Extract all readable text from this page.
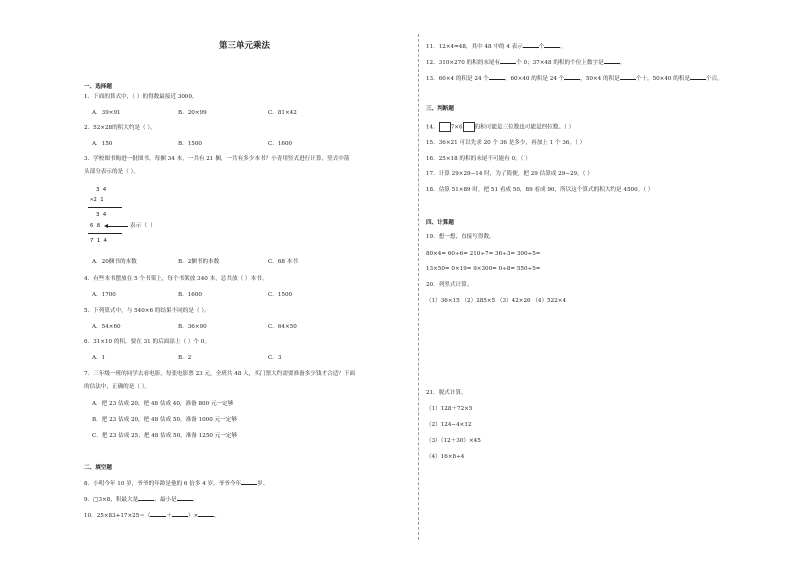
第三单元乘法
一、选择题
1．下面的算式中，（ ）的得数最接近 3000。
A．39×91	B．20×99	C．81×42
2．52×28的积大约是（ ）。
A．150	B．1500	C．1600
3．学校图书购进一批图书，每捆 34 本，一共有 21 捆，一共有多少本书？小青用竖式进行计算，竖式中箭
头部分表示的是（ ）。
3 4
×2 1
3 4
6 8
7 1 4
表示（ ）
A．20捆书的本数	B．2捆书的本数	C．68 本书
4．有些本书摆放在 5 个书架上，每个书架放 340 本，总共放（ ）本书。
A．1700	B．1600	C．1500
5．下列算式中，与 540×6 的结果不同的是（ ）。
A．54×60	B．36×90	C．64×50
6．31×10 的积，要在 31 的后面添上（ ）个 0。
A．1	B．2	C．3
7．三年级一班的同学去看电影，每张电影票 23 元，全班共 48 人，买门票大约需要准备多少钱才合适？下面
的估法中，正确的是（ ）。
A．把 23 估成 20，把 48 估成 40，准备 800 元一定够
B．把 23 估成 20，把 48 估成 50，准备 1000 元一定够
C．把 23 估成 25，把 48 估成 50，准备 1250 元一定够
二、填空题
8．小明今年 10 岁，爷爷的年龄是他的 6 倍多 4 岁，爷爷今年	岁。
9．□3×8，积最大是	，最小是	。
10．25×83+17×25＝（	＋	）×	。
11．12×4=48，其中 48 中的 4 表示	个	。
12．310×270 的积的末尾有	个 0；37×48 的积的个位上数字是	。
13．60×4 的积是 24 个	，60×40 的积是 24 个	，50×4 的积是	个十，50×40 的积是	个百。
三、判断题
14． 7×6 的积可能是三位数也可能是四位数。（ ）
15．36×21 可以先求 20 个 36 是多少，再加上 1 个 36。（ ）
16．25×18 的积的末尾不可能有 0。（ ）
17．计算 29×29−14 时，为了简便，把 29 估算成 29−29。（ ）
18．估算 51×89 时，把 51 看成 50，89 看成 90，所以这个算式的积大约是 4500。（ ）
四、计算题
19．想一想，直接写得数。
80×4= 60÷6= 210÷7= 36÷3= 300÷5=
13×50= 0×19= 9×300= 0÷8= 550÷5=
20．列竖式计算。
（1）36×15 （2）285×5 （3）42×26 （4）522×4
21．脱式计算。
（1）128＋72×5
（2）124−4×12
（3）（12＋30）×45
（4）16×8÷4
